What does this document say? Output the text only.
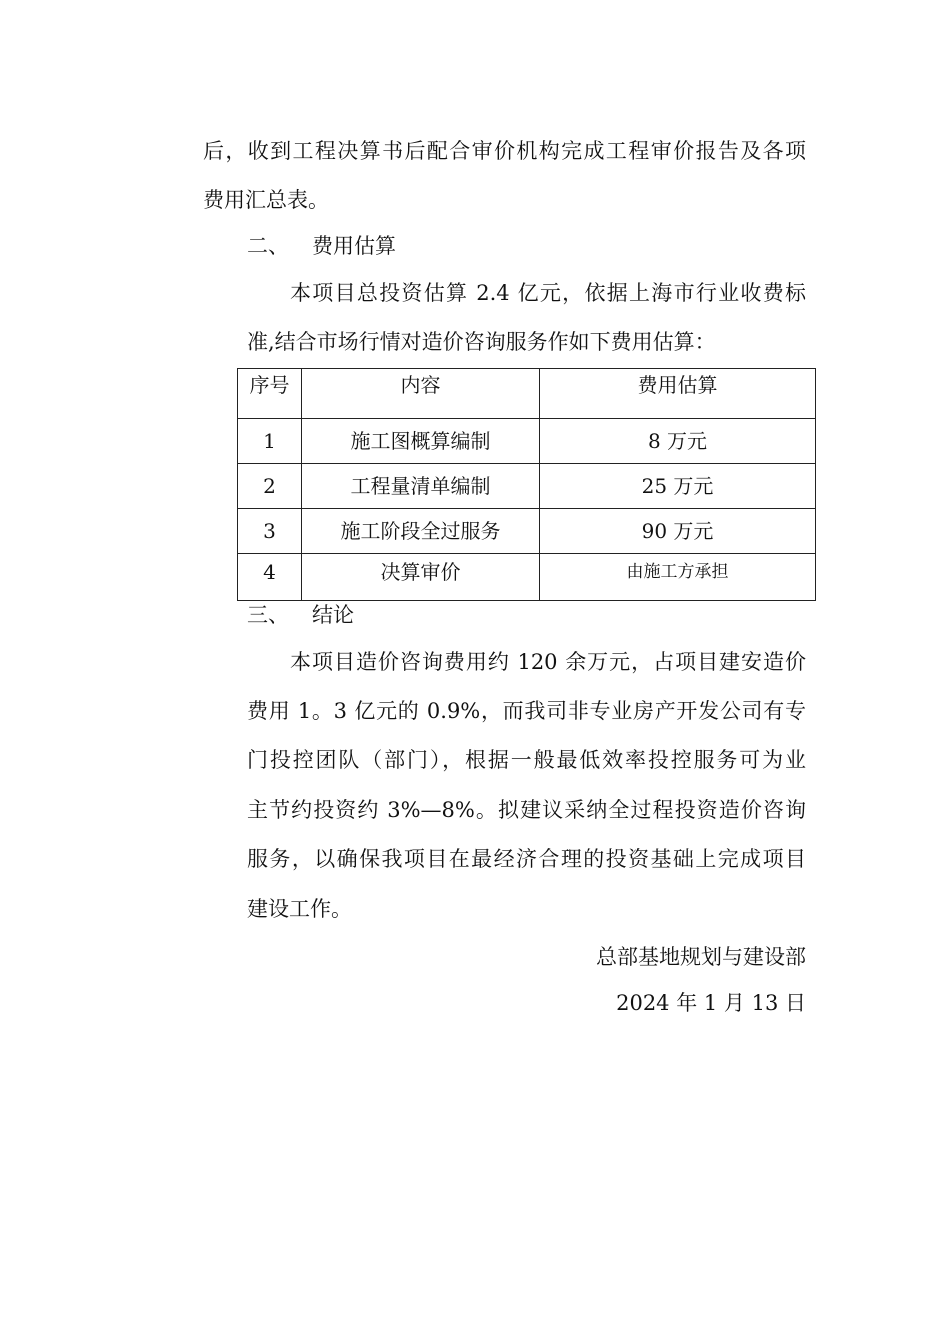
后，收到工程决算书后配合审价机构完成工程审价报告及各项
费用汇总表。
二、 费用估算
本项目总投资估算 2.4 亿元，依据上海市行业收费标
准,结合市场行情对造价咨询服务作如下费用估算：
序号	内容	费用估算
1	施工图概算编制	8 万元
2	工程量清单编制	25 万元
3	施工阶段全过服务	90 万元
4	决算审价	由施工方承担
三、 结论
本项目造价咨询费用约 120 余万元，占项目建安造价
费用 1。3 亿元的 0.9%，而我司非专业房产开发公司有专
门投控团队（部门），根据一般最低效率投控服务可为业
主节约投资约 3%—8%。拟建议采纳全过程投资造价咨询
服务，以确保我项目在最经济合理的投资基础上完成项目
建设工作。
总部基地规划与建设部
2024 年 1 月 13 日
